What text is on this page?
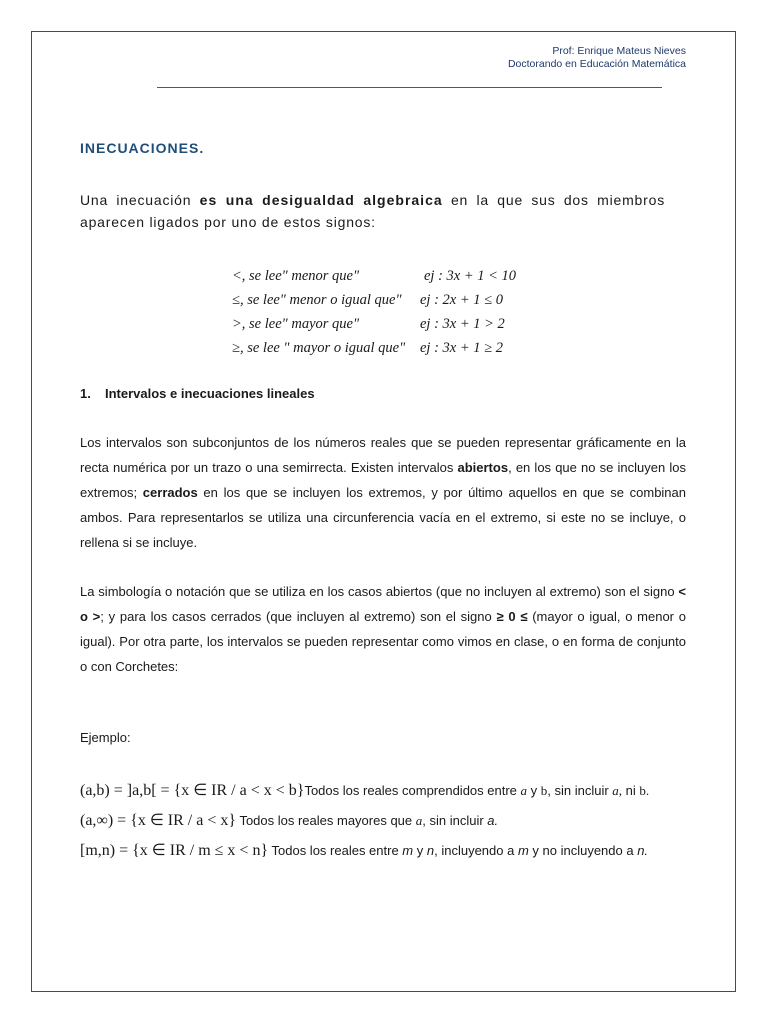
Prof: Enrique Mateus Nieves
Doctorando en Educación Matemática
INECUACIONES.
Una inecuación es una desigualdad algebraica en la que sus dos miembros aparecen ligados por uno de estos signos:
<, se lee" menor que"	ej : 3x + 1 < 10
≤, se lee" menor o igual que" ej : 2x + 1 ≤ 0
>, se lee" mayor que"	ej : 3x + 1 > 2
≥, se lee " mayor o igual que" ej : 3x + 1 ≥ 2
1. Intervalos e inecuaciones lineales
Los intervalos son subconjuntos de los números reales que se pueden representar gráficamente en la recta numérica por un trazo o una semirrecta. Existen intervalos abiertos, en los que no se incluyen los extremos; cerrados en los que se incluyen los extremos, y por último aquellos en que se combinan ambos. Para representarlos se utiliza una circunferencia vacía en el extremo, si este no se incluye, o rellena si se incluye.
La simbología o notación que se utiliza en los casos abiertos (que no incluyen al extremo) son el signo < o >; y para los casos cerrados (que incluyen al extremo) son el signo ≥ 0 ≤ (mayor o igual, o menor o igual). Por otra parte, los intervalos se pueden representar como vimos en clase, o en forma de conjunto o con Corchetes:
Ejemplo:
(a,b) = ]a,b[ = {x ∈ IR / a < x < b}Todos los reales comprendidos entre a y b, sin incluir a, ni b.
(a,∞) = {x ∈ IR / a < x} Todos los reales mayores que a, sin incluir a.
[m,n) = {x ∈ IR / m ≤ x < n} Todos los reales entre m y n, incluyendo a m y no incluyendo a n.
